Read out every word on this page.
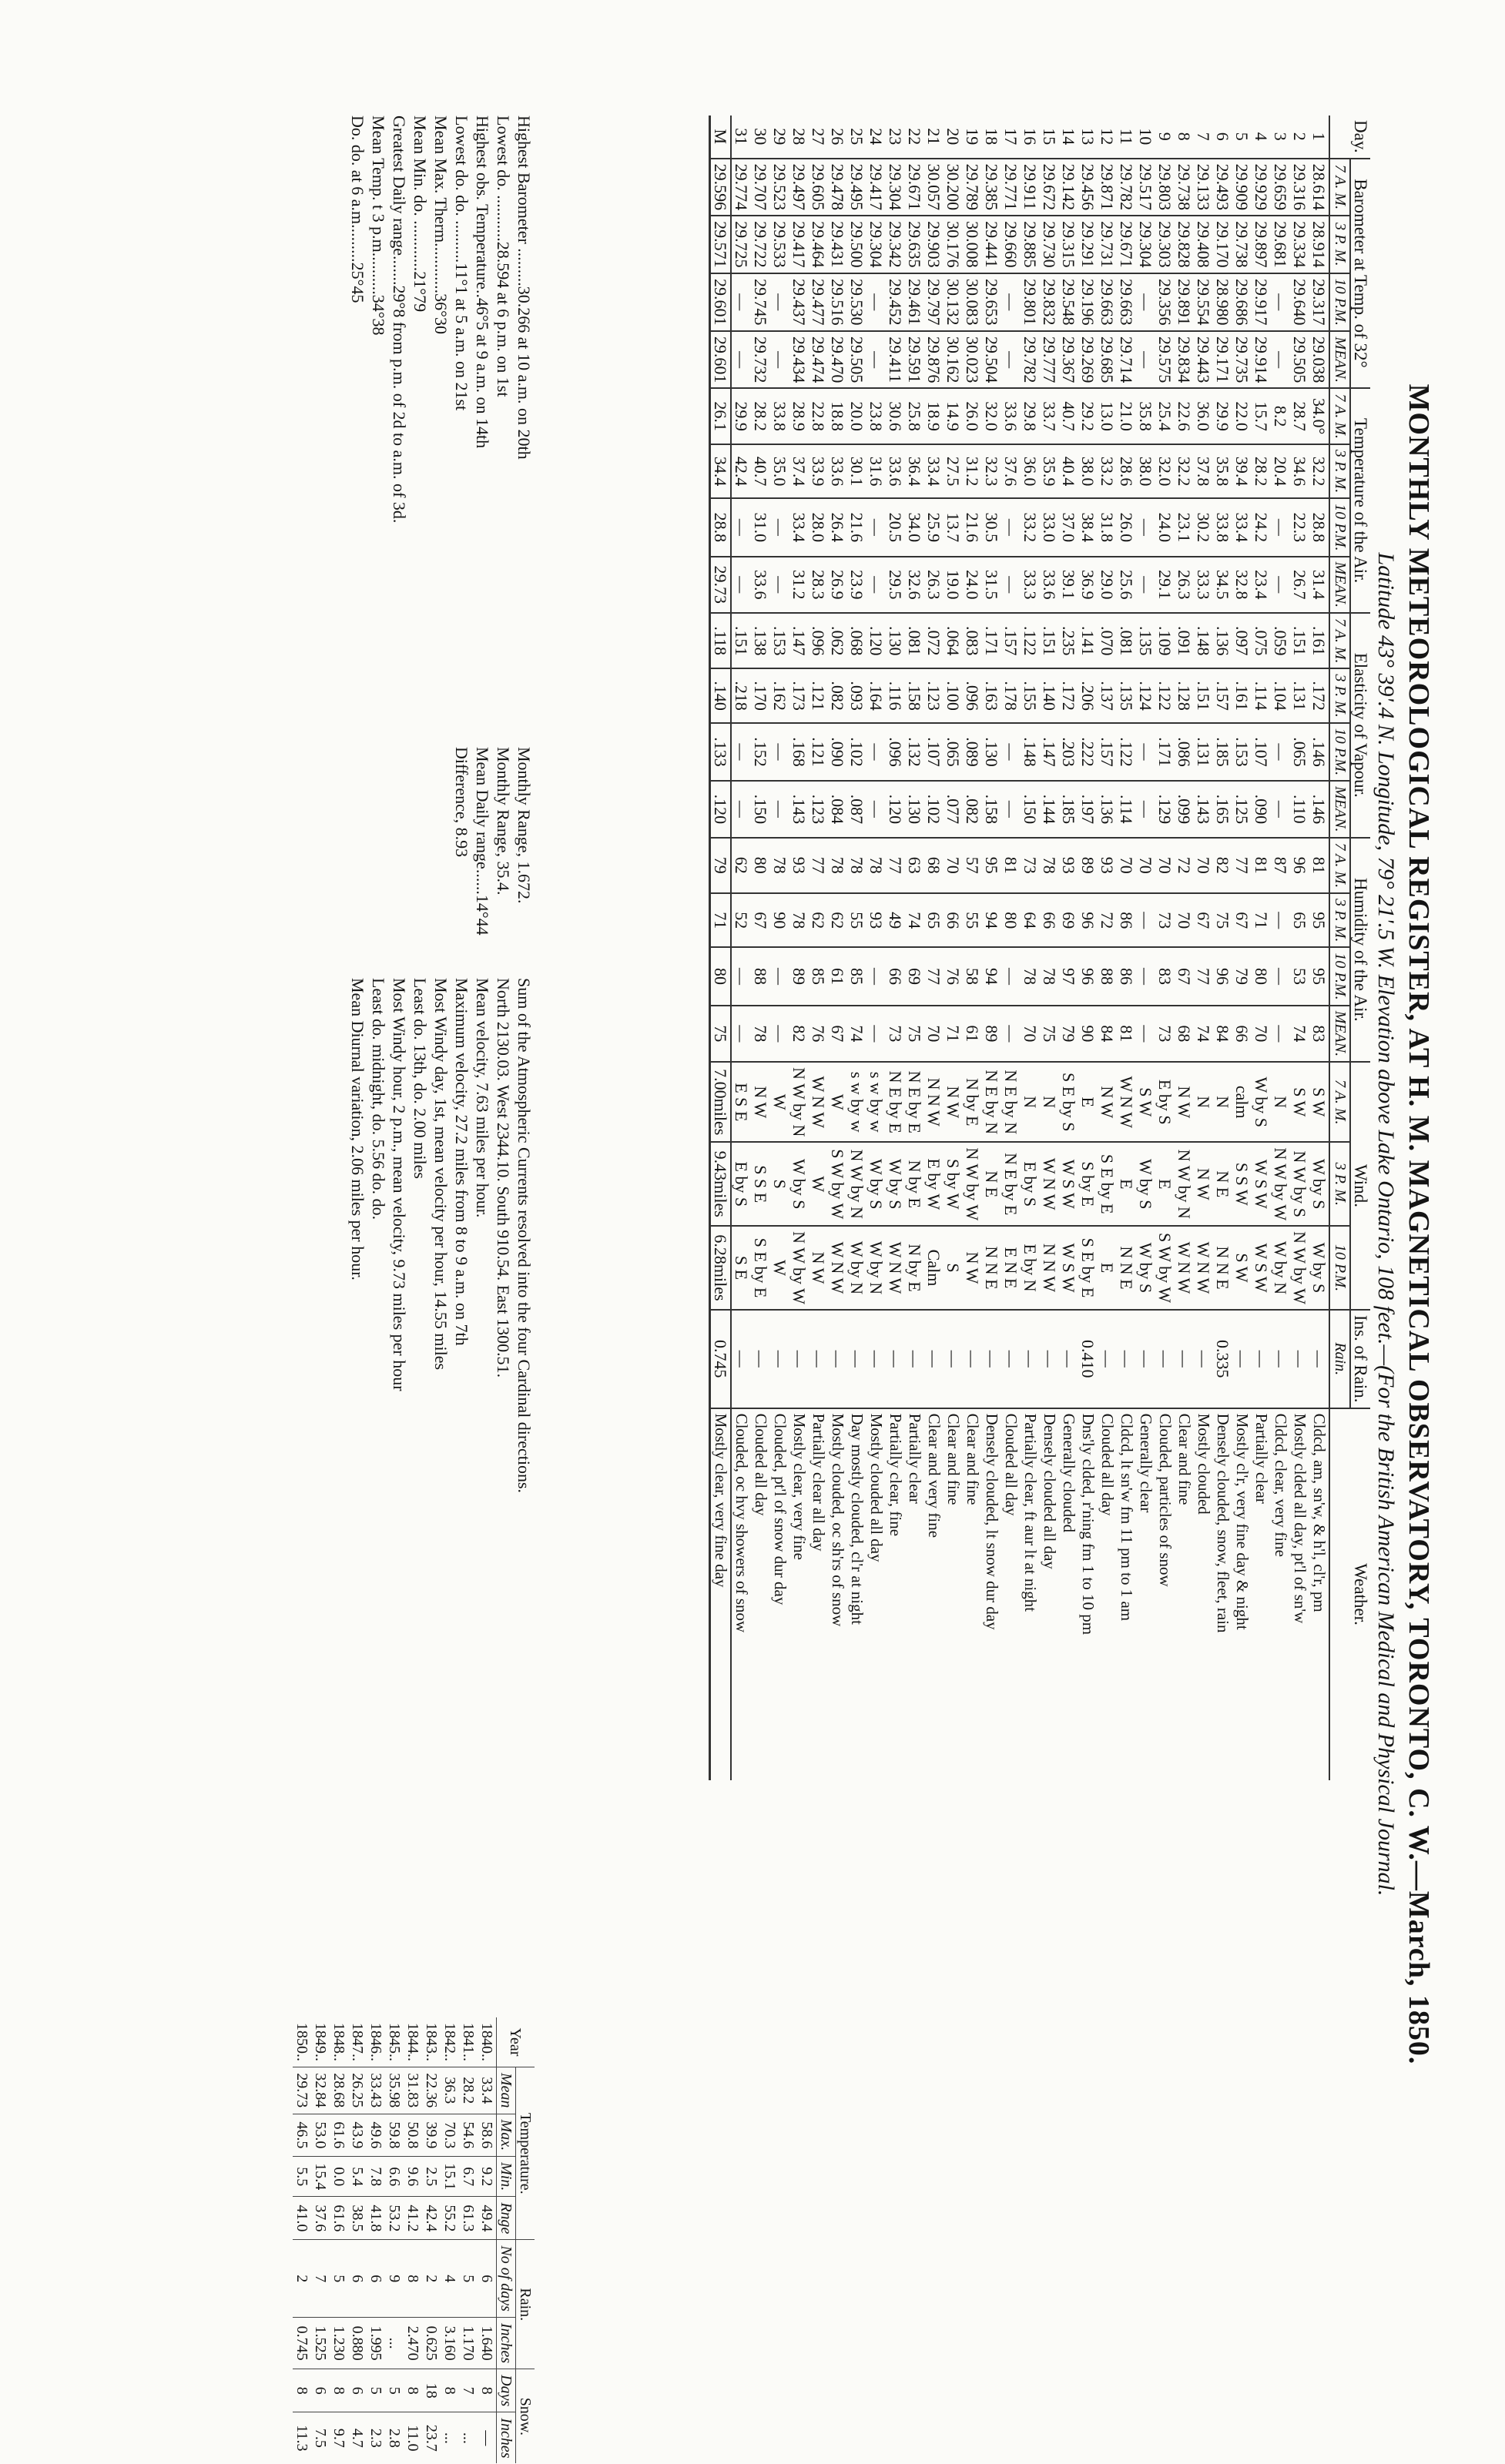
MONTHLY METEOROLOGICAL REGISTER, AT H. M. MAGNETICAL OBSERVATORY, TORONTO, C. W.—March, 1850.
Latitude 43° 39'.4 N. Longitude, 79° 21'.5 W. Elevation above Lake Ontario, 108 feet.—(For the British American Medical and Physical Journal.
Day.	Barometer at Temp. of 32°				Temperature of the Air.				Elasticity of Vapour.				Humidity of the Air.				Wind.			Ins. of Rain.	Weather.
	7 A. M.	3 P. M.	10 P.M.	MEAN.	7 A. M.	3 P. M.	10 P.M.	MEAN.	7 A. M.	3 P. M.	10 P.M.	MEAN.	7 A. M.	3 P. M.	10 P.M.	MEAN.	7 A. M.	3 P. M.	10 P.M.	Rain.	
1	28.614	28.914	29.317	29.038	34.0°	32.2	28.8	31.4	.161	.172	.146	.146	81	95	95	83	S W	W by S	W by S	—	Cldcd, am, sn'w, & h'l, cl'r, pm
2	29.316	29.334	29.640	29.505	28.7	34.6	22.3	26.7	.151	.131	.065	.110	96	65	53	74	S W	N W by S	N W by W	—	Mostly clded all day, pt'l of sn'w
3	29.659	29.681	—	—	8.2	20.4	—	—	.059	.104	—	—	87	—	—	—	N	N W by W	W by N	—	Cldcd, clear, very fine
4	29.929	29.897	29.917	29.914	15.7	28.2	24.2	23.4	.075	.114	.107	.090	81	71	80	70	W by S	W S W	W S W	—	Partially clear
5	29.909	29.738	29.686	29.735	22.0	39.4	33.4	32.8	.097	.161	.153	.125	77	67	79	66	calm	S S W	S W	—	Mostly cl'r, very fine day & night
6	29.493	29.170	28.980	29.171	29.9	35.8	33.8	34.5	.136	.157	.185	.165	82	75	96	84	N	N E	N N E	0.335	Densely clouded, snow, fleet, rain
7	29.133	29.408	29.554	29.443	36.0	37.8	30.2	33.3	.148	.151	.131	.143	70	67	77	74	N	N W	W N W	—	Mostly clouded
8	29.738	29.828	29.891	29.834	22.6	32.2	23.1	26.3	.091	.128	.086	.099	72	70	67	68	N W	N W by N	W N W	—	Clear and fine
9	29.803	29.303	29.356	29.575	25.4	32.0	24.0	29.1	.109	.122	.171	.129	70	73	83	73	E by S	E	S W by W	—	Clouded, particles of snow
10	29.517	29.304	—	—	35.8	38.0	—	—	.135	.124	—	—	70	—	—	—	S W	W by S	W by S	—	Generally clear
11	29.782	29.671	29.663	29.714	21.0	28.6	26.0	25.6	.081	.135	.122	.114	70	86	86	81	W N W	E	N N E	—	Cldcd, lt sn'w fm 11 pm to 1 am
12	29.871	29.731	29.663	29.685	13.0	33.2	31.8	29.0	.070	.137	.157	.136	93	72	88	84	N W	S E by E	E	—	Clouded all day
13	29.456	29.291	29.196	29.269	29.2	38.0	38.4	36.9	.141	.206	.222	.197	89	96	96	90	E	S by E	S E by E	0.410	Dns'ly clded, r'ning fm 1 to 10 pm
14	29.142	29.315	29.548	29.367	40.7	40.4	37.0	39.1	.235	.172	.203	.185	93	69	97	79	S E by S	W S W	W S W	—	Generally clouded
15	29.672	29.730	29.832	29.777	33.7	35.9	33.0	33.6	.151	.140	.147	.144	78	66	78	75	N	W N W	N N W	—	Densely clouded all day
16	29.911	29.885	29.801	29.782	29.8	36.0	33.2	33.3	.122	.155	.148	.150	73	64	78	70	N	E by S	E by N	—	Partially clear, ft aur lt at night
17	29.771	29.660	—	—	33.6	37.6	—	—	.157	.178	—	—	81	80	—	—	N E by N	N E by E	E N E	—	Clouded all day
18	29.385	29.441	29.653	29.504	32.0	32.3	30.5	31.5	.171	.163	.130	.158	95	94	94	89	N E by N	N E	N N E	—	Densely clouded, lt snow dur day
19	29.789	30.008	30.083	30.023	26.0	31.2	21.6	24.0	.083	.096	.089	.082	57	55	58	61	N by E	N W by W	N W	—	Clear and fine
20	30.200	30.176	30.132	30.162	14.9	27.5	13.7	19.0	.064	.100	.065	.077	70	66	76	71	N W	S by W	S	—	Clear and fine
21	30.057	29.903	29.797	29.876	18.9	33.4	25.9	26.3	.072	.123	.107	.102	68	65	77	70	N N W	E by W	Calm	—	Clear and very fine
22	29.671	29.635	29.461	29.591	25.8	36.4	34.0	32.6	.081	.158	.132	.130	63	74	69	75	N E by E	N by E	N by E	—	Partially clear
23	29.304	29.342	29.452	29.411	30.6	33.6	20.5	29.5	.130	.116	.096	.120	77	49	66	73	N E by E	W by S	W N W	—	Partially clear, fine
24	29.417	29.304	—	—	23.8	31.6	—	—	.120	.164	—	—	78	93	—	—	s w by w	W by S	W by N	—	Mostly clouded all day
25	29.495	29.500	29.530	29.505	20.0	30.1	21.6	23.9	.068	.093	.102	.087	78	55	85	74	s w by w	N W by N	W by N	—	Day mostly clouded, cl'r at night
26	29.478	29.431	29.516	29.470	18.8	33.6	26.4	26.9	.062	.082	.090	.084	78	62	61	67	W	S W by W	W N W	—	Mostly clouded, oc sh'rs of snow
27	29.605	29.464	29.477	29.474	22.8	33.9	28.0	28.3	.096	.121	.121	.123	77	62	85	76	W N W	W	N W	—	Partially clear all day
28	29.497	29.417	29.437	29.434	28.9	37.4	33.4	31.2	.147	.173	.168	.143	93	78	89	82	N W by N	W by S	N W by W	—	Mostly clear, very fine
29	29.523	29.533	—	—	33.8	35.0	—	—	.153	.162	—	—	78	90	—	—	W	S	W	—	Clouded, pt'l of snow dur day
30	29.707	29.722	29.745	29.732	28.2	40.7	31.0	33.6	.138	.170	.152	.150	80	67	88	78	N W	S S E	S E by E	—	Clouded all day
31	29.774	29.725	—	—	29.9	42.4	—	—	.151	.218	—	—	62	52	—	—	E S E	E by S	S E	—	Clouded, oc hvy showers of snow
M	29.596	29.571	29.601	29.601	26.1	34.4	28.8	29.73	.118	.140	.133	.120	79	71	80	75	7.00miles	9.43miles	6.28miles	0.745	Mostly clear, very fine day
Highest Barometer .........30.266 at 10 a.m. on 20th
Lowest do. ...........28.594 at 6 p.m. on 1st
Highest obs. Temperature..46°5 at 9 a.m. on 14th
Lowest do. do. ..........11°1 at 5 a.m. on 21st
Mean Max. Therm............36°30
Mean Min. do. ............21°79
Greatest Daily range.......29°8 from p.m. of 2d to a.m. of 3d.
Mean Temp. t 3 p.m..........34°38
Do. do. at 6 a.m.........25°45
Monthly Range, 1.672.
Monthly Range, 35.4.
Mean Daily range......14°44
Difference, 8.93
Sum of the Atmospheric Currents resolved into the four Cardinal directions.
North 2130.03. West 2344.10. South 910.54. East 1300.51.
Mean velocity, 7.63 miles per hour.
Maximum velocity, 27.2 miles from 8 to 9 a.m. on 7th
Most Windy day, 1st, mean velocity per hour, 14.55 miles
Least do. 13th, do. 2.00 miles
Most Windy hour, 2 p.m., mean velocity, 9.73 miles per hour
Least do. midnight, do. 5.56 do. do.
Mean Diurnal variation, 2.06 miles per hour.
Year	Temperature.				Rain.		Snow.	
	Mean	Max.	Min.	Rnge	No of days	Inches	Days	Inches
1840..	33.4	58.6	9.2	49.4	6	1.640	8	—
1841..	28.2	54.6	6.7	61.3	5	1.170	7	...
1842..	36.3	70.3	15.1	55.2	4	3.160	8	...
1843..	22.36	39.9	2.5	42.4	2	0.625	18	23.7
1844..	31.83	50.8	9.6	41.2	8	2.470	8	11.0
1845..	35.98	59.8	6.6	53.2	9	...	5	2.8
1846..	33.43	49.6	7.8	41.8	6	1.995	5	2.3
1847..	26.25	43.9	5.4	38.5	6	0.880	6	4.7
1848..	28.68	61.6	0.0	61.6	5	1.230	8	9.7
1849..	32.84	53.0	15.4	37.6	7	1.525	6	7.5
1850..	29.73	46.5	5.5	41.0	2	0.745	8	11.3
